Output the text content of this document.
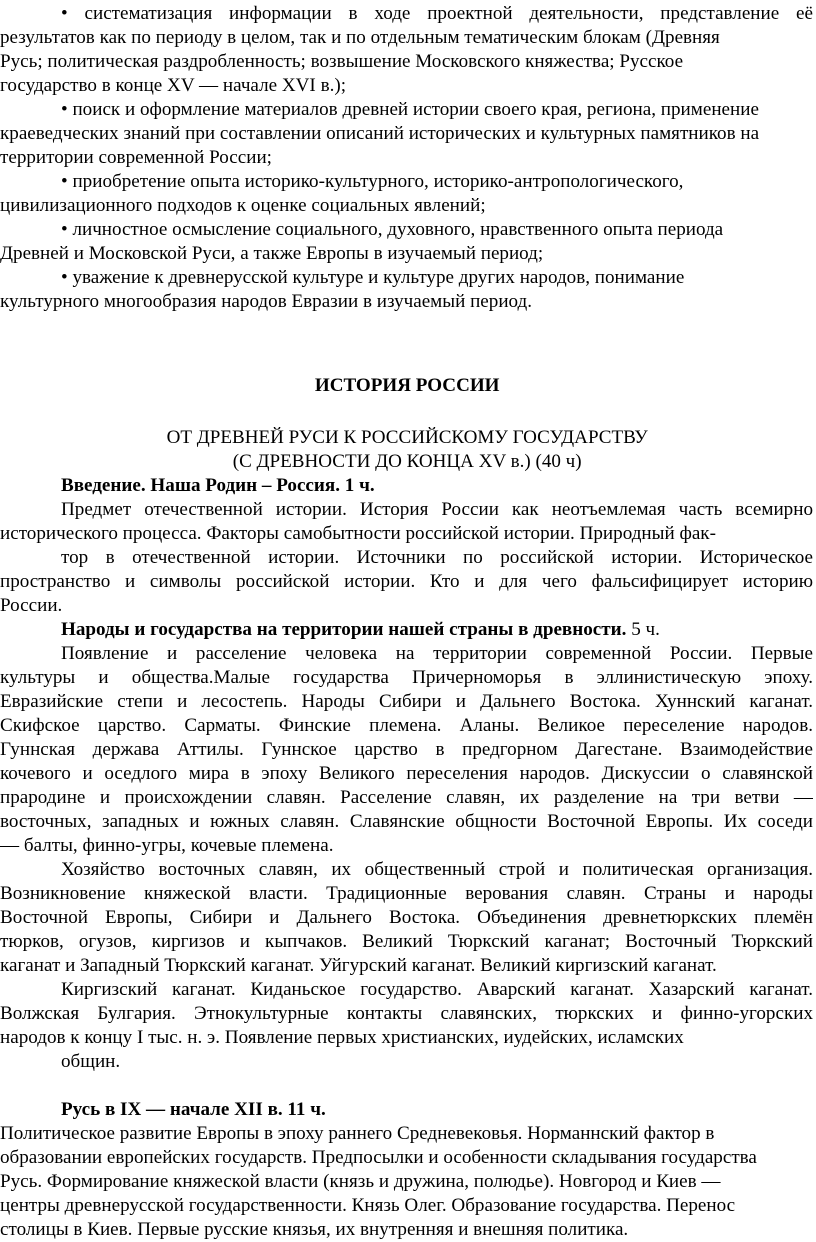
• систематизация информации в ходе проектной деятельности, представление её
результатов как по периоду в целом, так и по отдельным тематическим блокам (Древняя
Русь; политическая раздробленность; возвышение Московского княжества; Русское
государство в конце XV — начале XVI в.);
• поиск и оформление материалов древней истории своего края, региона, применение
краеведческих знаний при составлении описаний исторических и культурных памятников на
территории современной России;
• приобретение опыта историко-культурного, историко-антропологического,
цивилизационного подходов к оценке социальных явлений;
• личностное осмысление социального, духовного, нравственного опыта периода
Древней и Московской Руси, а также Европы в изучаемый период;
• уважение к древнерусской культуре и культуре других народов, понимание
культурного многообразия народов Евразии в изучаемый период.
ИСТОРИЯ РОССИИ
ОТ ДРЕВНЕЙ РУСИ К РОССИЙСКОМУ ГОСУДАРСТВУ
(С ДРЕВНОСТИ ДО КОНЦА XV в.) (40 ч)
Введение. Наша Родин – Россия. 1 ч.
Предмет отечественной истории. История России как неотъемлемая часть всемирно
исторического процесса. Факторы самобытности российской истории. Природный фак-
тор в отечественной истории. Источники по российской истории. Историческое
пространство и символы российской истории. Кто и для чего фальсифицирует историю
России.
Народы и государства на территории нашей страны в древности. 5 ч.
Появление и расселение человека на территории современной России. Первые
культуры и общества.Малые государства Причерноморья в эллинистическую эпоху.
Евразийские степи и лесостепь. Народы Сибири и Дальнего Востока. Хуннский каганат.
Скифское царство. Сарматы. Финские племена. Аланы. Великое переселение народов.
Гуннская держава Аттилы. Гуннское царство в предгорном Дагестане. Взаимодействие
кочевого и оседлого мира в эпоху Великого переселения народов. Дискуссии о славянской
прародине и происхождении славян. Расселение славян, их разделение на три ветви —
восточных, западных и южных славян. Славянские общности Восточной Европы. Их соседи
— балты, финно-угры, кочевые племена.
Хозяйство восточных славян, их общественный строй и политическая организация.
Возникновение княжеской власти. Традиционные верования славян. Страны и народы
Восточной Европы, Сибири и Дальнего Востока. Объединения древнетюркских племён
тюрков, огузов, киргизов и кыпчаков. Великий Тюркский каганат; Восточный Тюркский
каганат и Западный Тюркский каганат. Уйгурский каганат. Великий киргизский каганат.
Киргизский каганат. Киданьское государство. Аварский каганат. Хазарский каганат.
Волжская Булгария. Этнокультурные контакты славянских, тюркских и финно-угорских
народов к концу I тыс. н. э. Появление первых христианских, иудейских, исламских
общин.
Русь в IX — начале XII в. 11 ч.
Политическое развитие Европы в эпоху раннего Средневековья. Норманнский фактор в
образовании европейских государств. Предпосылки и особенности складывания государства
Русь. Формирование княжеской власти (князь и дружина, полюдье). Новгород и Киев —
центры древнерусской государственности. Князь Олег. Образование государства. Перенос
столицы в Киев. Первые русские князья, их внутренняя и внешняя политика.
